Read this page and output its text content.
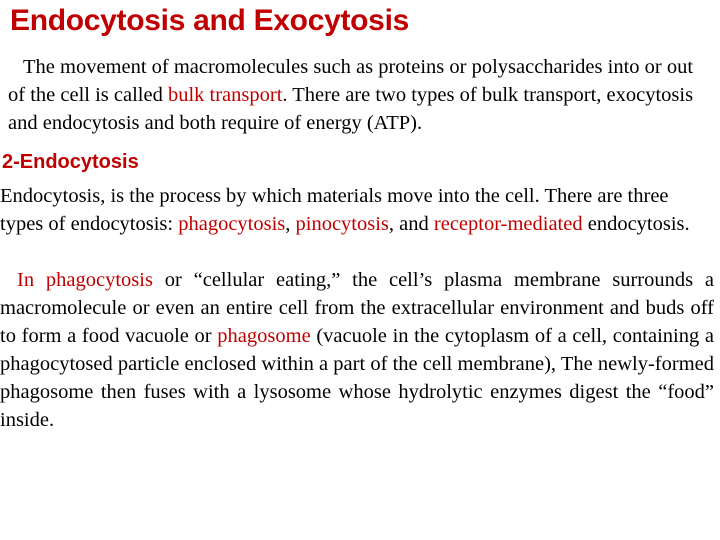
Endocytosis and Exocytosis

The movement of macromolecules such as proteins or polysaccharides into or out of the cell is called bulk transport. There are two types of bulk transport, exocytosis and endocytosis and both require of energy (ATP).

2-Endocytosis

Endocytosis, is the process by which materials move into the cell. There are three types of endocytosis: phagocytosis, pinocytosis, and receptor-mediated endocytosis.

In phagocytosis or “cellular eating,” the cell’s plasma membrane surrounds a macromolecule or even an entire cell from the extracellular environment and buds off to form a food vacuole or phagosome (vacuole in the cytoplasm of a cell, containing a phagocytosed particle enclosed within a part of the cell membrane), The newly-formed phagosome then fuses with a lysosome whose hydrolytic enzymes digest the “food” inside.
